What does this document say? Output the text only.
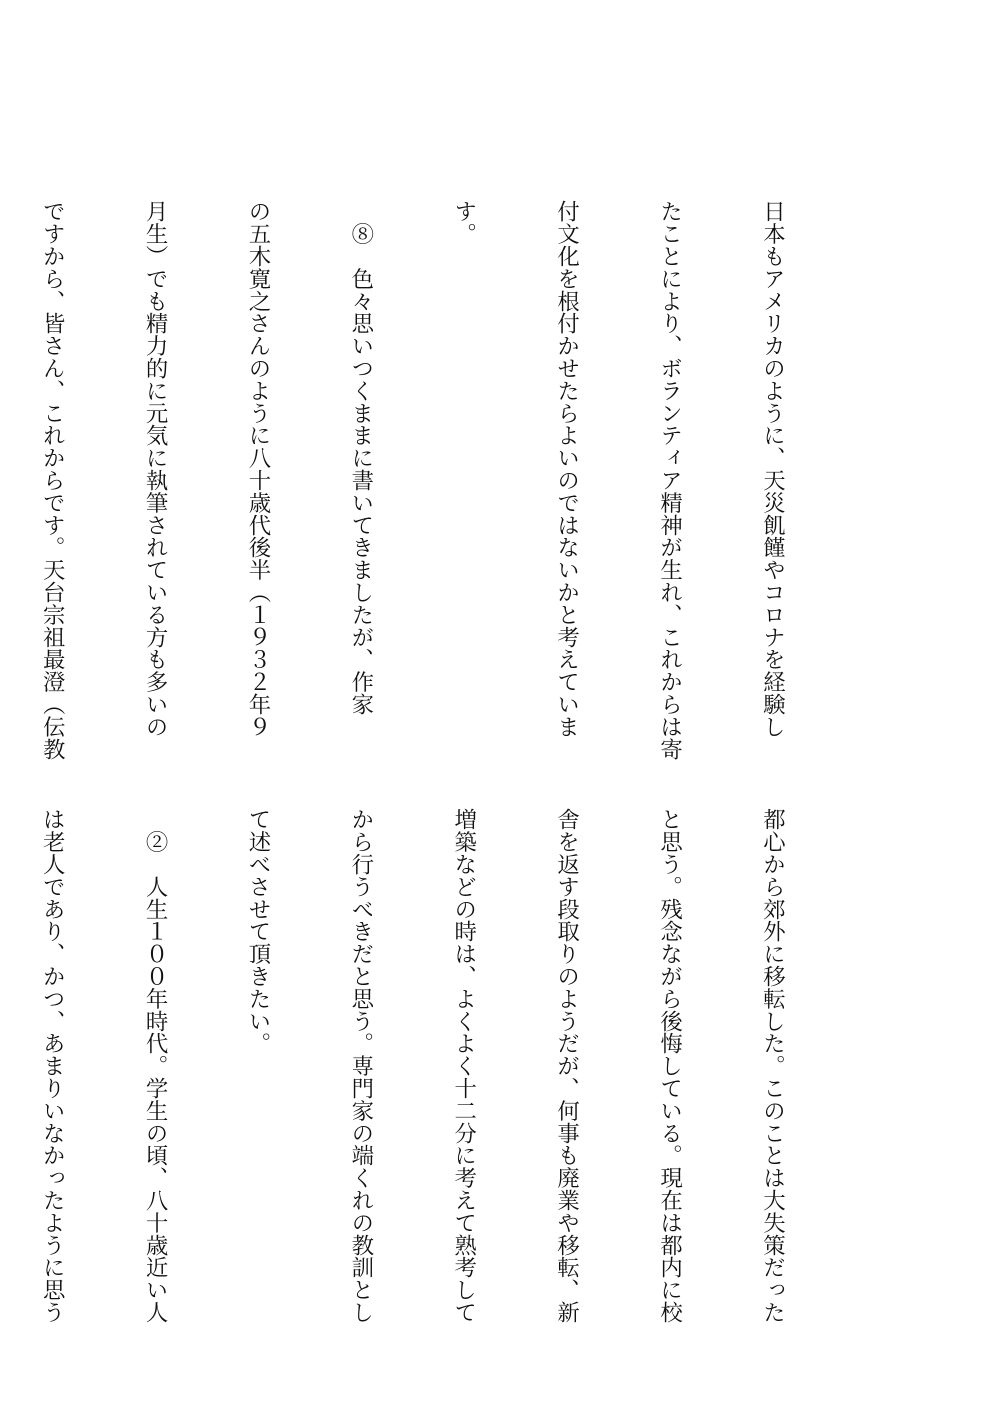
日本もアメリカのように、天災飢饉やコロナを経験し

たことにより、ボランティア精神が生れ、これからは寄

付文化を根付かせたらよいのではないかと考えていま

す。

　⑧　色々思いつくままに書いてきましたが、作家

の五木寛之さんのように八十歳代後半（１９３２年９

月生）でも精力的に元気に執筆されている方も多いの

ですから、皆さん、これからです。天台宗祖最澄（伝教

都心から郊外に移転した。このことは大失策だった

と思う。残念ながら後悔している。現在は都内に校

舎を返す段取りのようだが、何事も廃業や移転、新

増築などの時は、よくよく十二分に考えて熟考して

から行うべきだと思う。専門家の端くれの教訓とし

て述べさせて頂きたい。

　②　人生１００年時代。学生の頃、八十歳近い人

は老人であり、かつ、あまりいなかったように思う
